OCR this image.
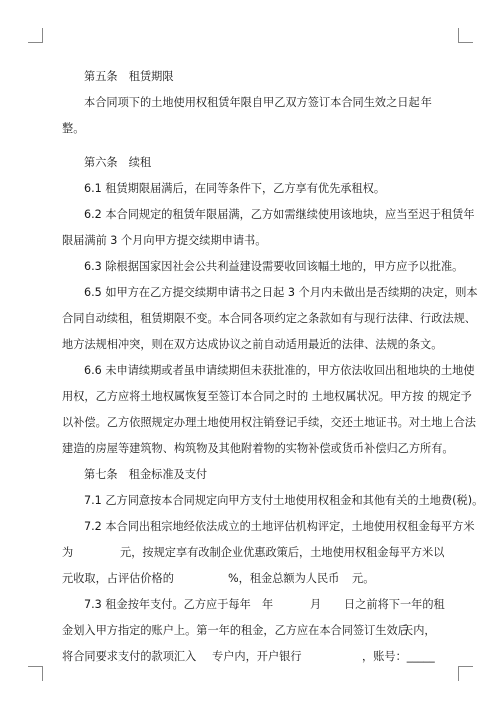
第五条　租赁期限
本合同项下的土地使用权租赁年限自甲乙双方签订本合同生效之日起 年
整。
第六条　续租
6.1 租赁期限届满后，在同等条件下，乙方享有优先承租权。
6.2 本合同规定的租赁年限届满，乙方如需继续使用该地块，应当至迟于租赁年
限届满前 3 个月向甲方提交续期申请书。
6.3 除根据国家因社会公共利益建设需要收回该幅土地的，甲方应予以批准。
6.5 如甲方在乙方提交续期申请书之日起 3 个月内未做出是否续期的决定，则本
合同自动续租，租赁期限不变。本合同各项约定之条款如有与现行法律、行政法规、
地方法规相冲突，则在双方达成协议之前自动适用最近的法律、法规的条文。
6.6 未申请续期或者虽申请续期但未获批准的，甲方依法收回出租地块的土地使
用权，乙方应将土地权属恢复至签订本合同之时的 土地权属状况。甲方按 的规定予
以补偿。乙方依照规定办理土地使用权注销登记手续，交还土地证书。对土地上合法
建造的房屋等建筑物、构筑物及其他附着物的实物补偿或货币补偿归乙方所有。
第七条　租金标准及支付
7.1 乙方同意按本合同规定向甲方支付土地使用权租金和其他有关的土地费(税)。
7.2 本合同出租宗地经依法成立的土地评估机构评定，土地使用权租金每平方米
为	元，按规定享有改制企业优惠政策后，土地使用权租金每平方米以
元收取，占评估价格的	%，租金总额为人民币 元。
7.3 租金按年支付。乙方应于每年 年	月 日之前将下一年的租
金划入甲方指定的账户上。第一年的租金，乙方应在本合同签订生效后
天内，
将合同要求支付的款项汇入 专户内，开户银行	，账号：_____
